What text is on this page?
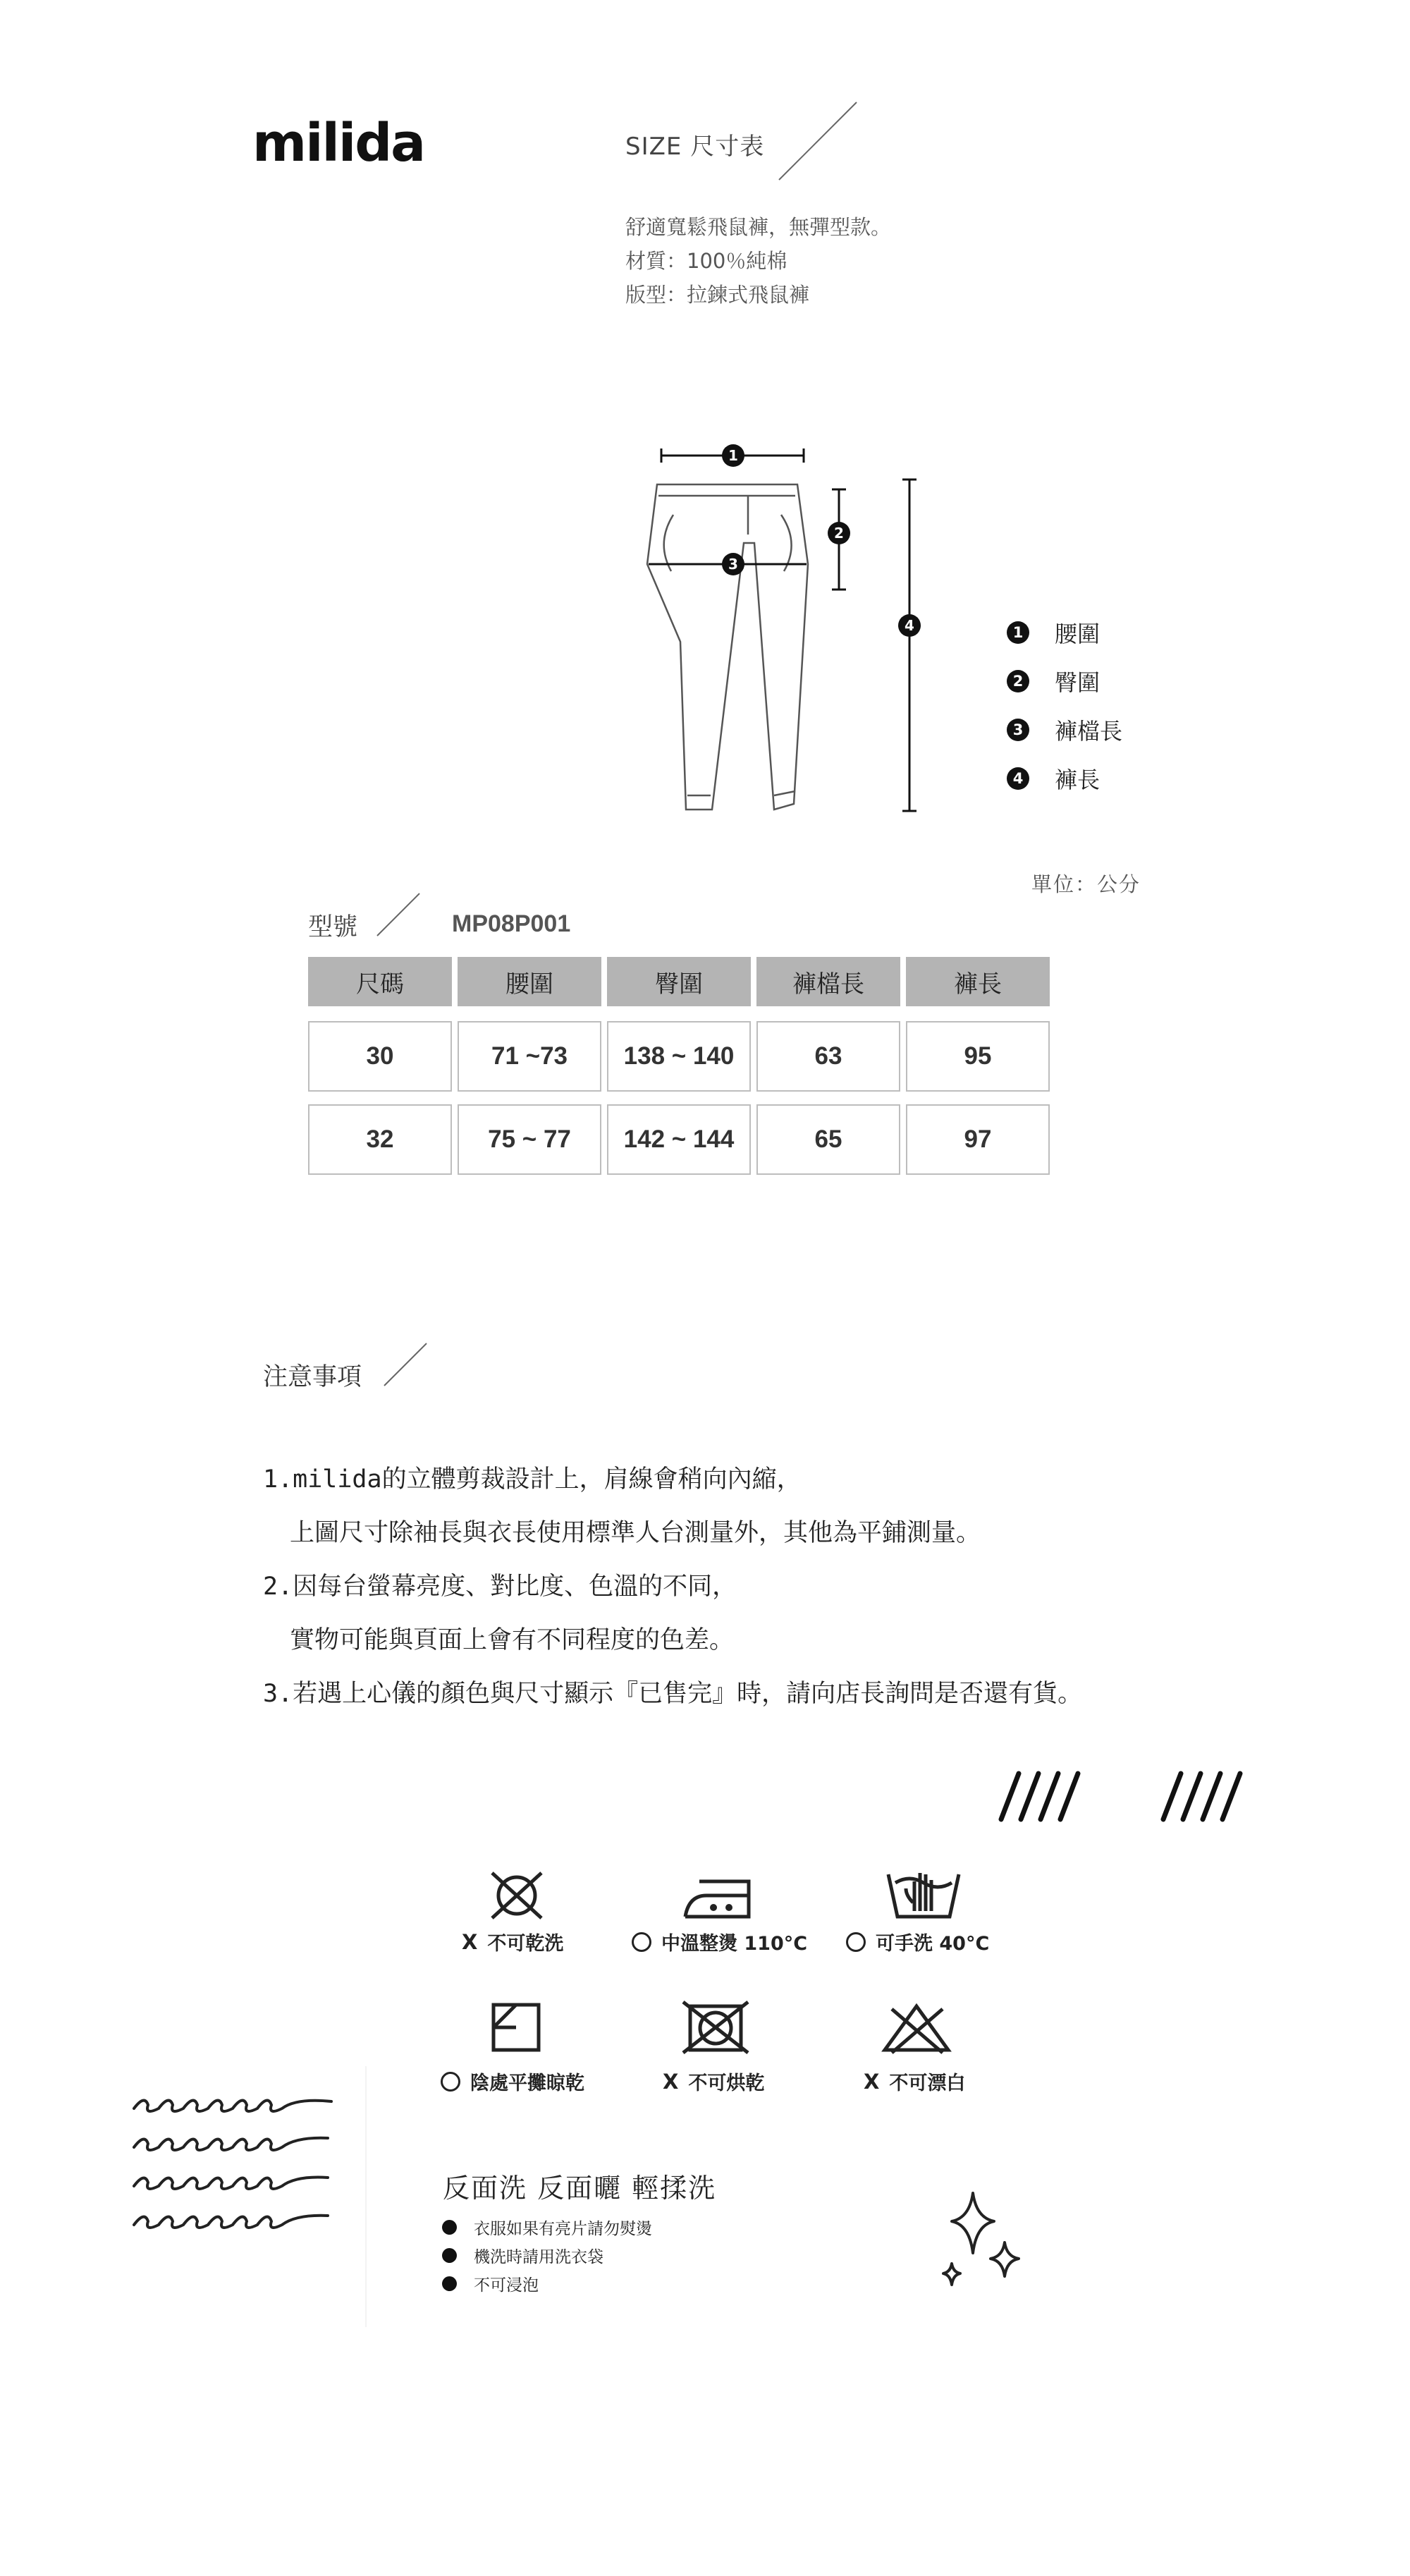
milida	SIZE 尺寸表
舒適寬鬆飛鼠褲，無彈型款。
材質：100％純棉
版型：拉鍊式飛鼠褲
1
2
3
4	1 腰圍
2 臀圍
3 褲檔長
4 褲長
單位：公分
型號	MP08P001
尺碼	腰圍	臀圍	褲檔長	褲長
30	71 ~73	138 ~ 140	63	95
32	75 ~ 77	142 ~ 144	65	97
注意事項
1.milida的立體剪裁設計上，肩線會稍向內縮，
上圖尺寸除袖長與衣長使用標準人台測量外，其他為平鋪測量。
2.因每台螢幕亮度、對比度、色溫的不同，
實物可能與頁面上會有不同程度的色差。
3.若遇上心儀的顏色與尺寸顯示『已售完』時，請向店長詢問是否還有貨。
X 不可乾洗	中溫整燙 110°C	可手洗 40°C
陰處平攤晾乾	X 不可烘乾	X 不可漂白
反面洗 反面曬 輕揉洗
衣服如果有亮片請勿熨燙
機洗時請用洗衣袋
不可浸泡
